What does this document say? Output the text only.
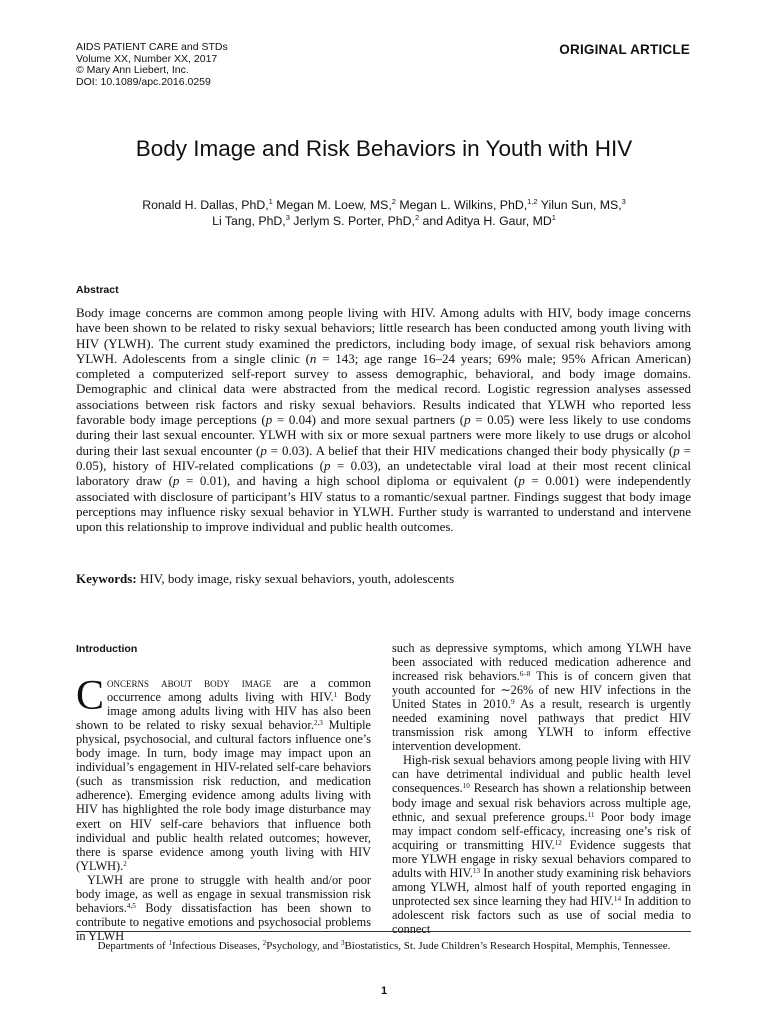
AIDS PATIENT CARE and STDs
Volume XX, Number XX, 2017
© Mary Ann Liebert, Inc.
DOI: 10.1089/apc.2016.0259
ORIGINAL ARTICLE
Body Image and Risk Behaviors in Youth with HIV
Ronald H. Dallas, PhD,$^1$ Megan M. Loew, MS,$^2$ Megan L. Wilkins, PhD,$^{1,2}$ Yilun Sun, MS,$^3$
Li Tang, PhD,$^3$ Jerlym S. Porter, PhD,$^2$ and Aditya H. Gaur, $MD^1$
Abstract
Body image concerns are common among people living with HIV. Among adults with HIV, body image concerns have been shown to be related to risky sexual behaviors; little research has been conducted among youth living with HIV (YLWH). The current study examined the predictors, including body image, of sexual risk behaviors among YLWH. Adolescents from a single clinic (n = 143; age range 16–24 years; 69% male; 95% African American) completed a computerized self-report survey to assess demographic, behavioral, and body image domains. Demographic and clinical data were abstracted from the medical record. Logistic regression analyses assessed associations between risk factors and risky sexual behaviors. Results indicated that YLWH who reported less favorable body image perceptions (p = 0.04) and more sexual partners (p = 0.05) were less likely to use condoms during their last sexual encounter. YLWH with six or more sexual partners were more likely to use drugs or alcohol during their last sexual encounter (p = 0.03). A belief that their HIV medications changed their body physically (p = 0.05), history of HIV-related complications (p = 0.03), an undetectable viral load at their most recent clinical laboratory draw (p = 0.01), and having a high school diploma or equivalent (p = 0.001) were independently associated with disclosure of participant’s HIV status to a romantic/sexual partner. Findings suggest that body image perceptions may influence risky sexual behavior in YLWH. Further study is warranted to understand and intervene upon this relationship to improve individual and public health outcomes.
Keywords: HIV, body image, risky sexual behaviors, youth, adolescents
Introduction

Concerns about body image are a common occurrence among adults living with HIV.$^1$ Body image among adults living with HIV has also been shown to be related to risky sexual behavior.$^{2,3}$ Multiple physical, psychosocial, and cultural factors influence one’s body image. In turn, body image may impact upon an individual’s engagement in HIV-related self-care behaviors (such as transmission risk reduction, and medication adherence). Emerging evidence among adults living with HIV has highlighted the role body image disturbance may exert on HIV self-care behaviors that influence both individual and public health related outcomes; however, there is sparse evidence among youth living with HIV (YLWH).$^2$

YLWH are prone to struggle with health and/or poor body image, as well as engage in sexual transmission risk behaviors.$^{4,5}$ Body dissatisfaction has been shown to contribute to negative emotions and psychosocial problems in YLWH

such as depressive symptoms, which among YLWH have been associated with reduced medication adherence and increased risk behaviors.$^{6-8}$ This is of concern given that youth accounted for ∼26% of new HIV infections in the United States in 2010.$^9$ As a result, research is urgently needed examining novel pathways that predict HIV transmission risk among YLWH to inform effective intervention development.

High-risk sexual behaviors among people living with HIV can have detrimental individual and public health level consequences.$^{10}$ Research has shown a relationship between body image and sexual risk behaviors across multiple age, ethnic, and sexual preference groups.$^{11}$ Poor body image may impact condom self-efficacy, increasing one’s risk of acquiring or transmitting HIV.$^{12}$ Evidence suggests that more YLWH engage in risky sexual behaviors compared to adults with HIV.$^{13}$ In another study examining risk behaviors among YLWH, almost half of youth reported engaging in unprotected sex since learning they had HIV.$^{14}$ In addition to adolescent risk factors such as use of social media to connect

Departments of $^1$Infectious Diseases, $^2$Psychology, and $^3$Biostatistics, St. Jude Children’s Research Hospital, Memphis, Tennessee.
1
